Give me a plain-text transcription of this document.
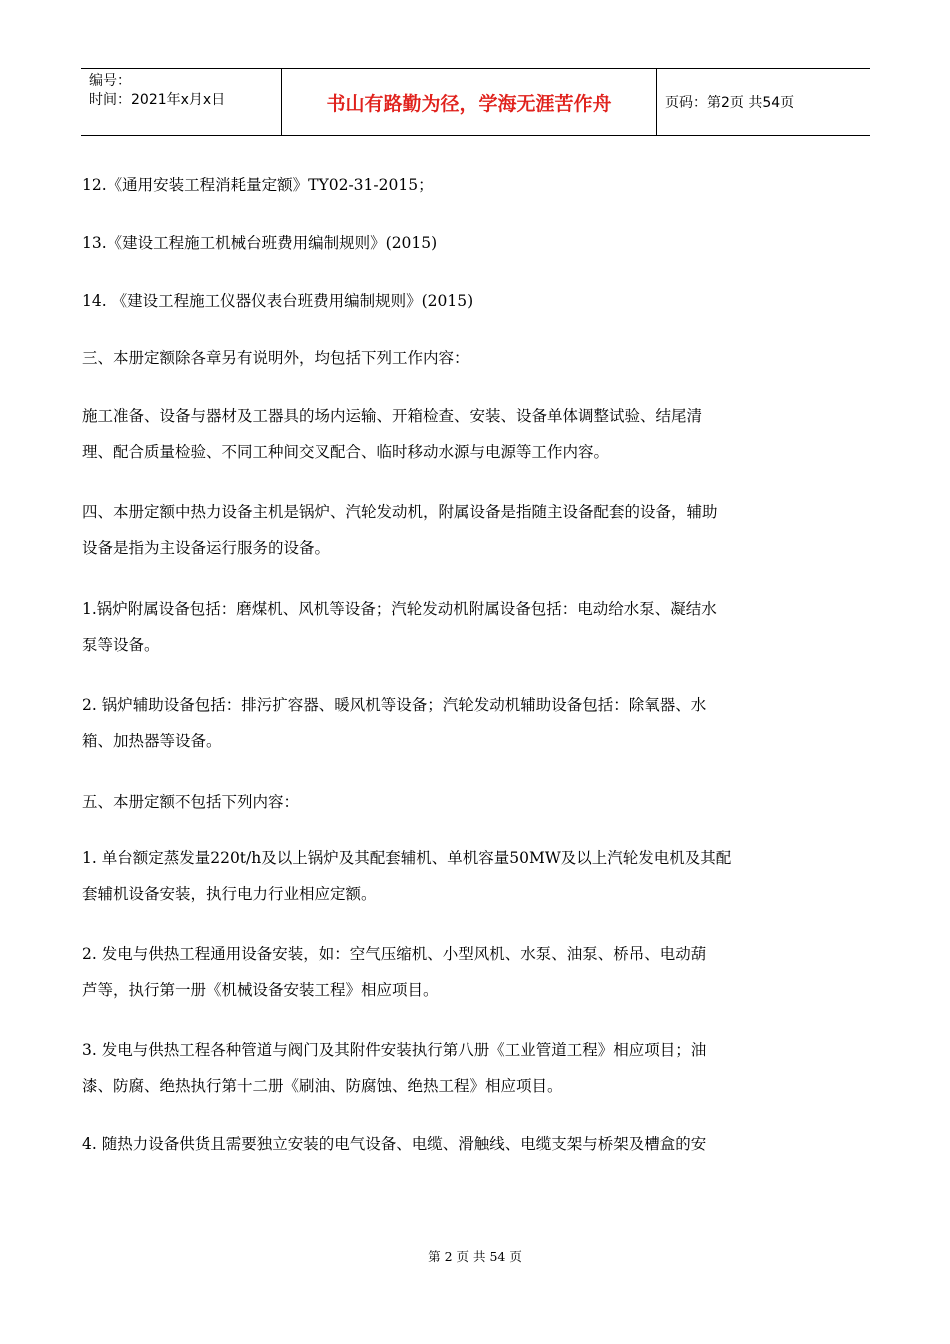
编号：
时间：2021年x月x日	书山有路勤为径，学海无涯苦作舟	页码：第2页 共54页
12.《通用安装工程消耗量定额》TY02-31-2015；
13.《建设工程施工机械台班费用编制规则》(2015)
14. 《建设工程施工仪器仪表台班费用编制规则》(2015)
三、本册定额除各章另有说明外，均包括下列工作内容：
施工准备、设备与器材及工器具的场内运输、开箱检查、安装、设备单体调整试验、结尾清
理、配合质量检验、不同工种间交叉配合、临时移动水源与电源等工作内容。
四、本册定额中热力设备主机是锅炉、汽轮发动机，附属设备是指随主设备配套的设备，辅助
设备是指为主设备运行服务的设备。
1.锅炉附属设备包括：磨煤机、风机等设备；汽轮发动机附属设备包括：电动给水泵、凝结水
泵等设备。
2. 锅炉辅助设备包括：排污扩容器、暖风机等设备；汽轮发动机辅助设备包括：除氧器、水
箱、加热器等设备。
五、本册定额不包括下列内容：
1. 单台额定蒸发量220t/h及以上锅炉及其配套辅机、单机容量50MW及以上汽轮发电机及其配
套辅机设备安装，执行电力行业相应定额。
2. 发电与供热工程通用设备安装，如：空气压缩机、小型风机、水泵、油泵、桥吊、电动葫
芦等，执行第一册《机械设备安装工程》相应项目。
3. 发电与供热工程各种管道与阀门及其附件安装执行第八册《工业管道工程》相应项目；油
漆、防腐、绝热执行第十二册《刷油、防腐蚀、绝热工程》相应项目。
4. 随热力设备供货且需要独立安装的电气设备、电缆、滑触线、电缆支架与桥架及槽盒的安
第 2 页 共 54 页
